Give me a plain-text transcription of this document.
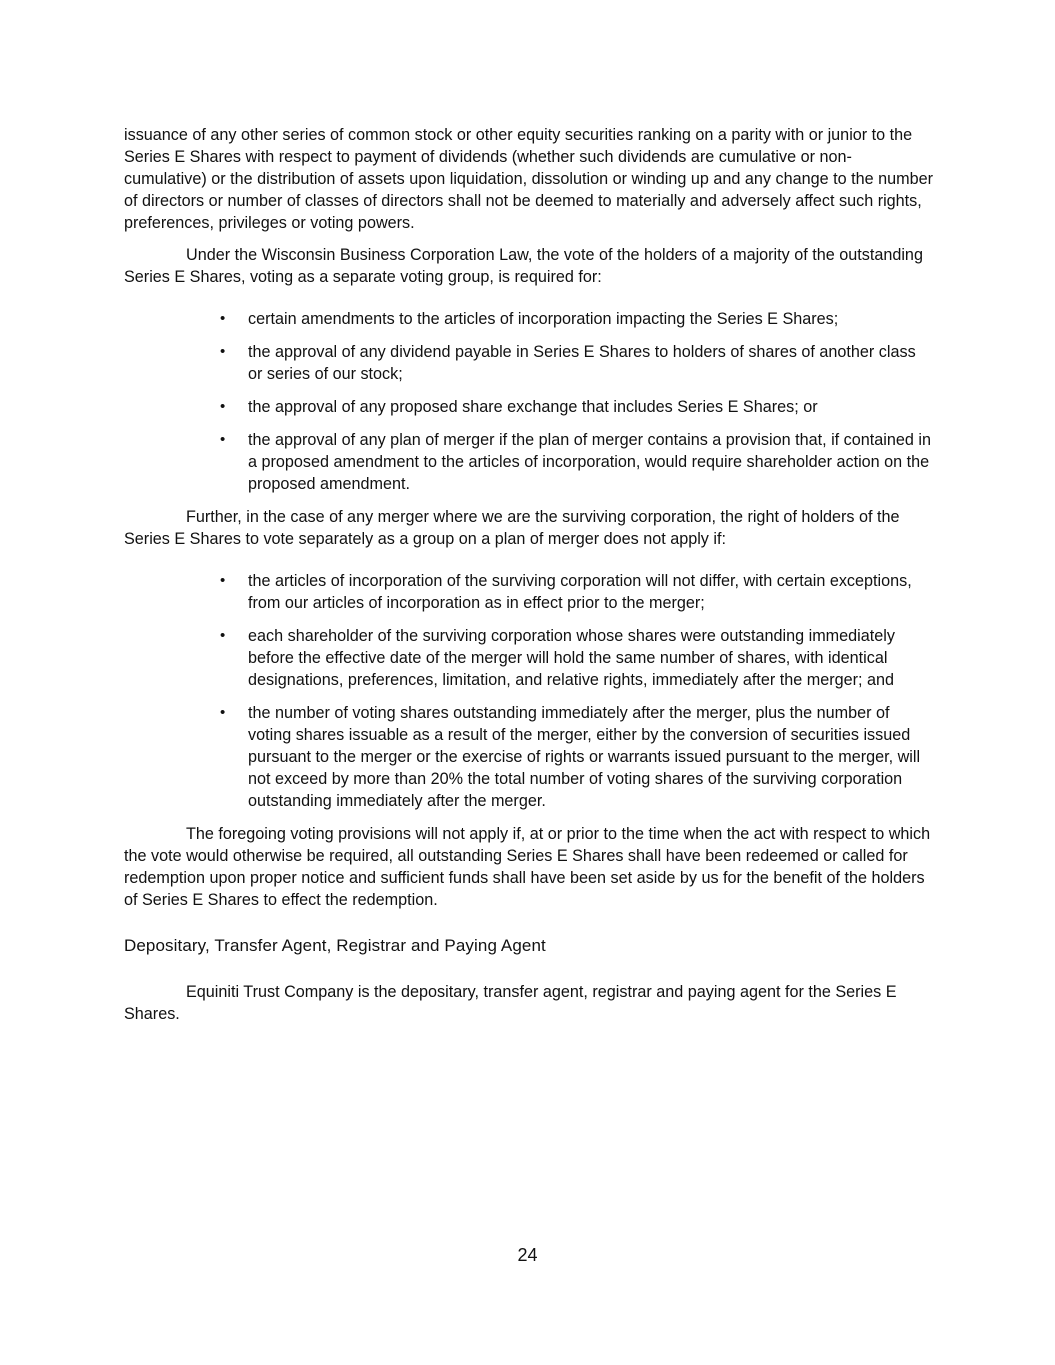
issuance of any other series of common stock or other equity securities ranking on a parity with or junior to the Series E Shares with respect to payment of dividends (whether such dividends are cumulative or non-cumulative) or the distribution of assets upon liquidation, dissolution or winding up and any change to the number of directors or number of classes of directors shall not be deemed to materially and adversely affect such rights, preferences, privileges or voting powers.

Under the Wisconsin Business Corporation Law, the vote of the holders of a majority of the outstanding Series E Shares, voting as a separate voting group, is required for:

• certain amendments to the articles of incorporation impacting the Series E Shares;
• the approval of any dividend payable in Series E Shares to holders of shares of another class or series of our stock;
• the approval of any proposed share exchange that includes Series E Shares; or
• the approval of any plan of merger if the plan of merger contains a provision that, if contained in a proposed amendment to the articles of incorporation, would require shareholder action on the proposed amendment.

Further, in the case of any merger where we are the surviving corporation, the right of holders of the Series E Shares to vote separately as a group on a plan of merger does not apply if:

• the articles of incorporation of the surviving corporation will not differ, with certain exceptions, from our articles of incorporation as in effect prior to the merger;
• each shareholder of the surviving corporation whose shares were outstanding immediately before the effective date of the merger will hold the same number of shares, with identical designations, preferences, limitation, and relative rights, immediately after the merger; and
• the number of voting shares outstanding immediately after the merger, plus the number of voting shares issuable as a result of the merger, either by the conversion of securities issued pursuant to the merger or the exercise of rights or warrants issued pursuant to the merger, will not exceed by more than 20% the total number of voting shares of the surviving corporation outstanding immediately after the merger.

The foregoing voting provisions will not apply if, at or prior to the time when the act with respect to which the vote would otherwise be required, all outstanding Series E Shares shall have been redeemed or called for redemption upon proper notice and sufficient funds shall have been set aside by us for the benefit of the holders of Series E Shares to effect the redemption.

Depositary, Transfer Agent, Registrar and Paying Agent

Equiniti Trust Company is the depositary, transfer agent, registrar and paying agent for the Series E Shares.

24
